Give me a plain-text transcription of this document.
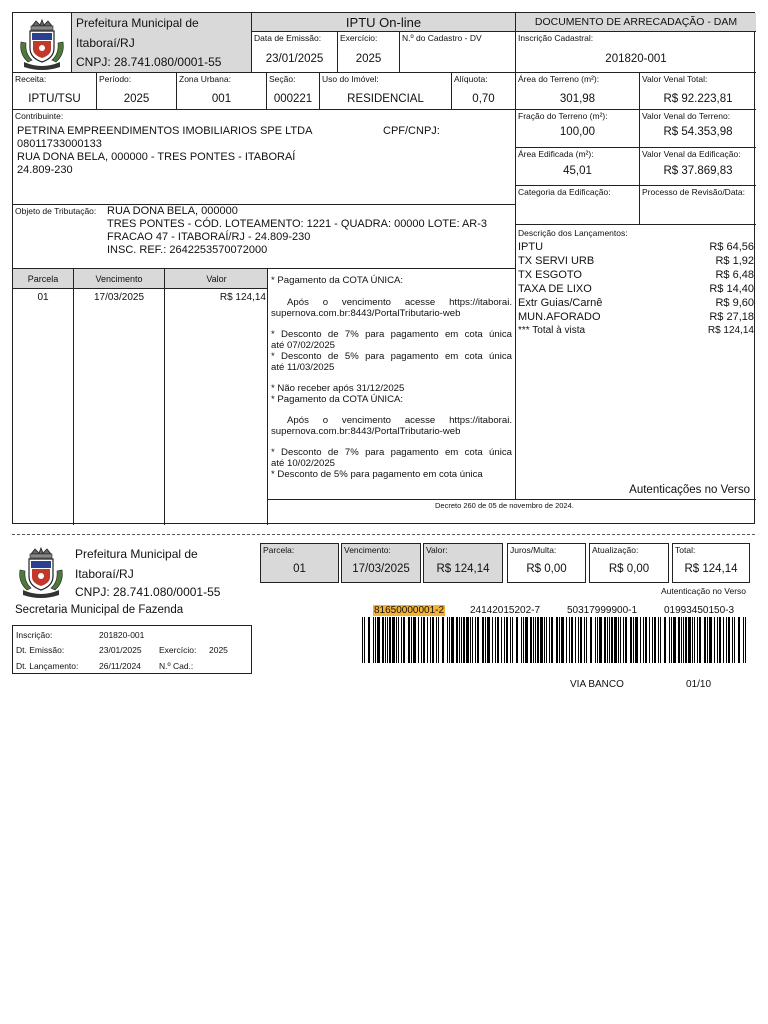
Prefeitura Municipal de
Itaboraí/RJ
CNPJ: 28.741.080/0001-55
IPTU On-line	DOCUMENTO DE ARRECADAÇÃO - DAM
Data de Emissão:
23/01/2025
Exercício:
2025
N.º do Cadastro - DV	Inscrição Cadastral:
201820-001
Receita:
IPTU/TSU
Período:
2025
Zona Urbana:
001
Seção:
000221
Uso do Imóvel:
RESIDENCIAL
Alíquota:
0,70
Área do Terreno (m²):
301,98
Valor Venal Total:
R$ 92.223,81
Contribuinte:
PETRINA EMPREENDIMENTOS IMOBILIARIOS SPE LTDA	CPF/CNPJ:
08011733000133
RUA DONA BELA, 000000 - TRES PONTES - ITABORAÍ
24.809-230
Fração do Terreno (m²):
100,00
Valor Venal do Terreno:
R$ 54.353,98
Área Edificada (m²):
45,01
Valor Venal da Edificação:
R$ 37.869,83
Categoria da Edificação:	Processo de Revisão/Data:
Objeto de Tributação: RUA DONA BELA, 000000
TRES PONTES - CÓD. LOTEAMENTO: 1221 - QUADRA: 00000 LOTE: AR-3
FRACAO 47 - ITABORAÍ/RJ - 24.809-230
INSC. REF.: 2642253570072000
Parcela	Vencimento	Valor
01	17/03/2025	R$ 124,14
* Pagamento da COTA ÚNICA:
Após o vencimento acesse https://itaborai.
supernova.com.br:8443/PortalTributario-web
* Desconto de 7% para pagamento em cota única
até 07/02/2025
* Desconto de 5% para pagamento em cota única
até 11/03/2025
* Não receber após 31/12/2025
* Pagamento da COTA ÚNICA:
Após o vencimento acesse https://itaborai.
supernova.com.br:8443/PortalTributario-web
* Desconto de 7% para pagamento em cota única
até 10/02/2025
* Desconto de 5% para pagamento em cota única
Decreto 260 de 05 de novembro de 2024.
Descrição dos Lançamentos:
IPTU	R$ 64,56
TX SERVI URB	R$ 1,92
TX ESGOTO	R$ 6,48
TAXA DE LIXO	R$ 14,40
Extr Guias/Carnê	R$ 9,60
MUN.AFORADO	R$ 27,18
*** Total à vista	R$ 124,14
Autenticações no Verso
Prefeitura Municipal de
Itaboraí/RJ
CNPJ: 28.741.080/0001-55
Secretaria Municipal de Fazenda
Parcela:
01
Vencimento:
17/03/2025
Valor:
R$ 124,14
Juros/Multa:
R$ 0,00
Atualização:
R$ 0,00
Total:
R$ 124,14
Autenticação no Verso
81650000001-2	24142015202-7	50317999900-1	01993450150-3
Inscrição:	201820-001
Dt. Emissão:	23/01/2025 Exercício: 2025
Dt. Lançamento: 26/11/2024 N.º Cad.:
VIA BANCO	01/10
